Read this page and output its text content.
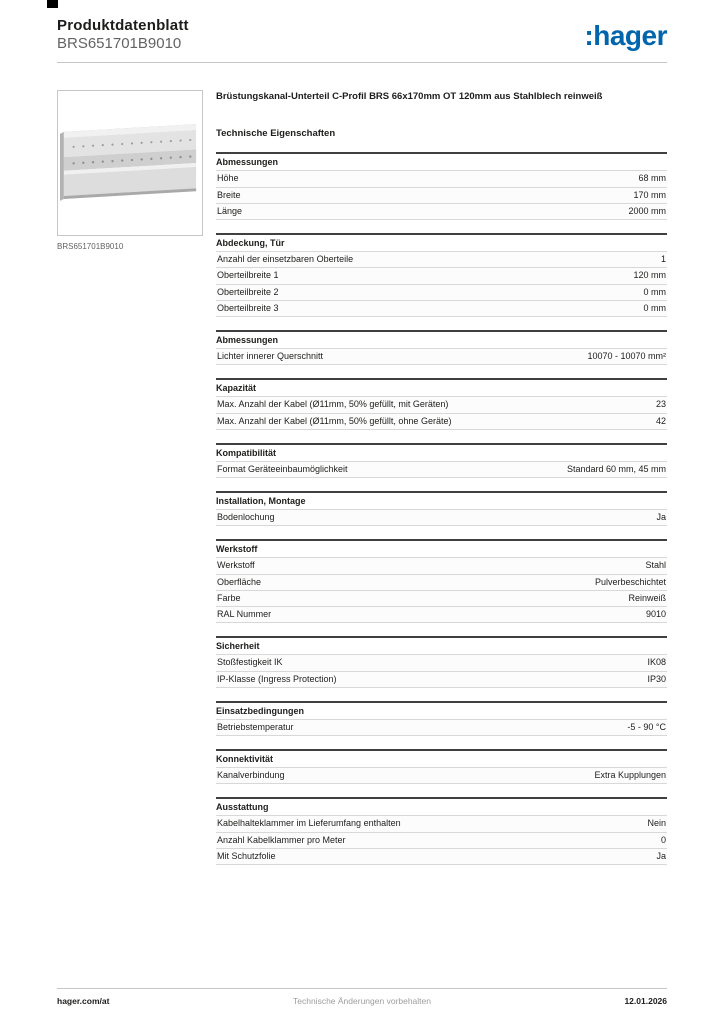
Produktdatenblatt
BRS651701B9010	:hager
BRS651701B9010
Brüstungskanal-Unterteil C-Profil BRS 66x170mm OT 120mm aus Stahlblech reinweiß
Technische Eigenschaften
Abmessungen
Höhe	68 mm
Breite	170 mm
Länge	2000 mm
Abdeckung, Tür
Anzahl der einsetzbaren Oberteile	1
Oberteilbreite 1	120 mm
Oberteilbreite 2	0 mm
Oberteilbreite 3	0 mm
Abmessungen
Lichter innerer Querschnitt	10070 - 10070 mm²
Kapazität
Max. Anzahl der Kabel (Ø11mm, 50% gefüllt, mit Geräten)	23
Max. Anzahl der Kabel (Ø11mm, 50% gefüllt, ohne Geräte)	42
Kompatibilität
Format Geräteeinbaumöglichkeit	Standard 60 mm, 45 mm
Installation, Montage
Bodenlochung	Ja
Werkstoff
Werkstoff	Stahl
Oberfläche	Pulverbeschichtet
Farbe	Reinweiß
RAL Nummer	9010
Sicherheit
Stoßfestigkeit IK	IK08
IP-Klasse (Ingress Protection)	IP30
Einsatzbedingungen
Betriebstemperatur	-5 - 90 °C
Konnektivität
Kanalverbindung	Extra Kupplungen
Ausstattung
Kabelhalteklammer im Lieferumfang enthalten	Nein
Anzahl Kabelklammer pro Meter	0
Mit Schutzfolie	Ja
hager.com/at	Technische Änderungen vorbehalten	12.01.2026
